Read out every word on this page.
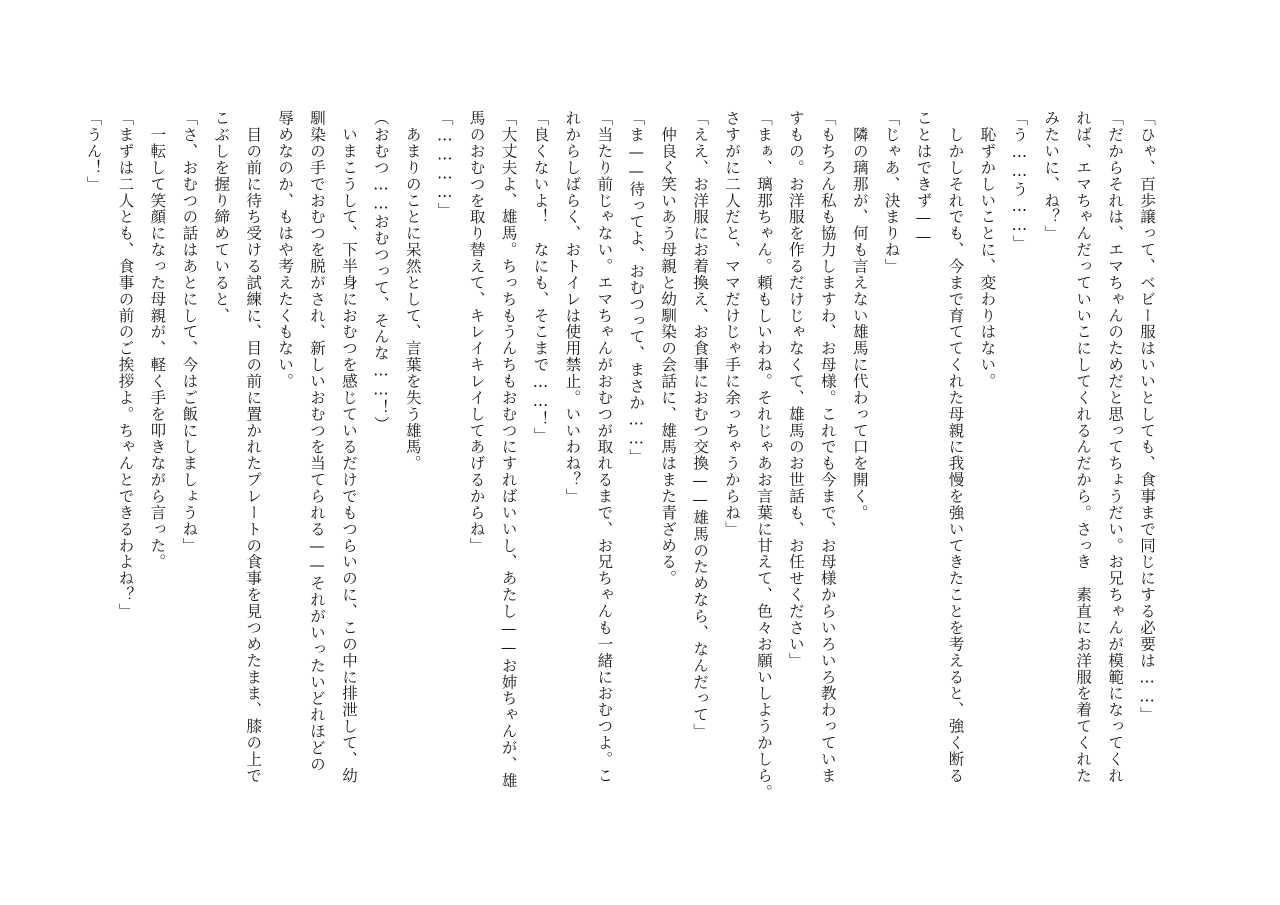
「ひゃ、百歩譲って、ベビー服はいいとしても、食事まで同じにする必要は……」

「だからそれは、エマちゃんのためだと思ってちょうだい。お兄ちゃんが模範になってくれ

れば、エマちゃんだっていいこにしてくれるんだから。さっき　素直にお洋服を着てくれた

みたいに、ね？」

「う……う……」

　恥ずかしいことに、変わりはない。

　しかしそれでも、今まで育ててくれた母親に我慢を強いてきたことを考えると、強く断る

ことはできず——

「じゃあ、決まりね」

　隣の璃那が、何も言えない雄馬に代わって口を開く。

「もちろん私も協力しますわ、お母様。これでも今まで、お母様からいろいろ教わっていま

すもの。お洋服を作るだけじゃなくて、雄馬のお世話も、お任せください」

「まぁ、璃那ちゃん。頼もしいわね。それじゃあお言葉に甘えて、色々お願いしようかしら。

さすがに二人だと、ママだけじゃ手に余っちゃうからね」

「ええ、お洋服にお着換え、お食事におむつ交換——雄馬のためなら、なんだって」

　仲良く笑いあう母親と幼馴染の会話に、雄馬はまた青ざめる。

「ま——待ってよ、おむつって、まさか……」

「当たり前じゃない。エマちゃんがおむつが取れるまで、お兄ちゃんも一緒におむつよ。こ

れからしばらく、おトイレは使用禁止。いいわね？」

「良くないよ！　なにも、そこまで……！」

「大丈夫よ、雄馬。ちっちもうんちもおむつにすればいいし、あたし——お姉ちゃんが、雄

馬のおむつを取り替えて、キレイキレイしてあげるからね」

「…………」

　あまりのことに呆然として、言葉を失う雄馬。

（おむつ……おむつって、そんな……！）

　いまこうして、下半身におむつを感じているだけでもつらいのに、この中に排泄して、幼

馴染の手でおむつを脱がされ、新しいおむつを当てられる——それがいったいどれほどの

辱めなのか、もはや考えたくもない。

　目の前に待ち受ける試練に、目の前に置かれたプレートの食事を見つめたまま、膝の上で

こぶしを握り締めていると、

「さ、おむつの話はあとにして、今はご飯にしましょうね」

　一転して笑顔になった母親が、軽く手を叩きながら言った。

「まずは二人とも、食事の前のご挨拶よ。ちゃんとできるわよね？」

「うん！」
